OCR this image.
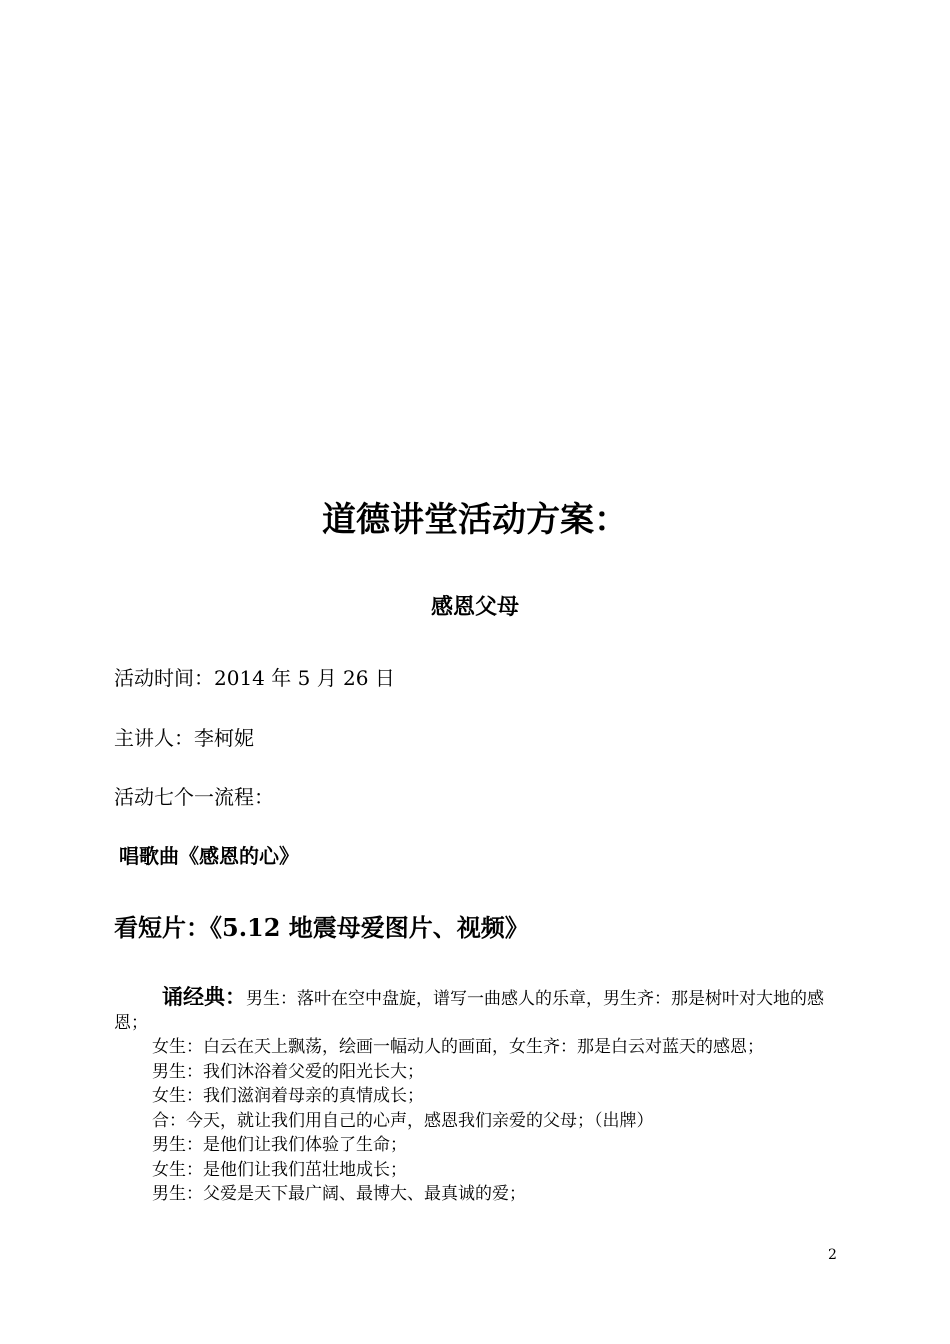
道德讲堂活动方案：
感恩父母
活动时间：2014 年 5 月 26 日
主讲人：李柯妮
活动七个一流程：
唱歌曲《感恩的心》
看短片：《5.12 地震母爱图片、视频》
诵经典：男生：落叶在空中盘旋，谱写一曲感人的乐章，男生齐：那是树叶对大地的感恩；
女生：白云在天上飘荡，绘画一幅动人的画面，女生齐：那是白云对蓝天的感恩；
男生：我们沐浴着父爱的阳光长大；
女生：我们滋润着母亲的真情成长；
合：今天，就让我们用自己的心声，感恩我们亲爱的父母；（出牌）
男生：是他们让我们体验了生命；
女生：是他们让我们茁壮地成长；
男生：父爱是天下最广阔、最博大、最真诚的爱；
2
